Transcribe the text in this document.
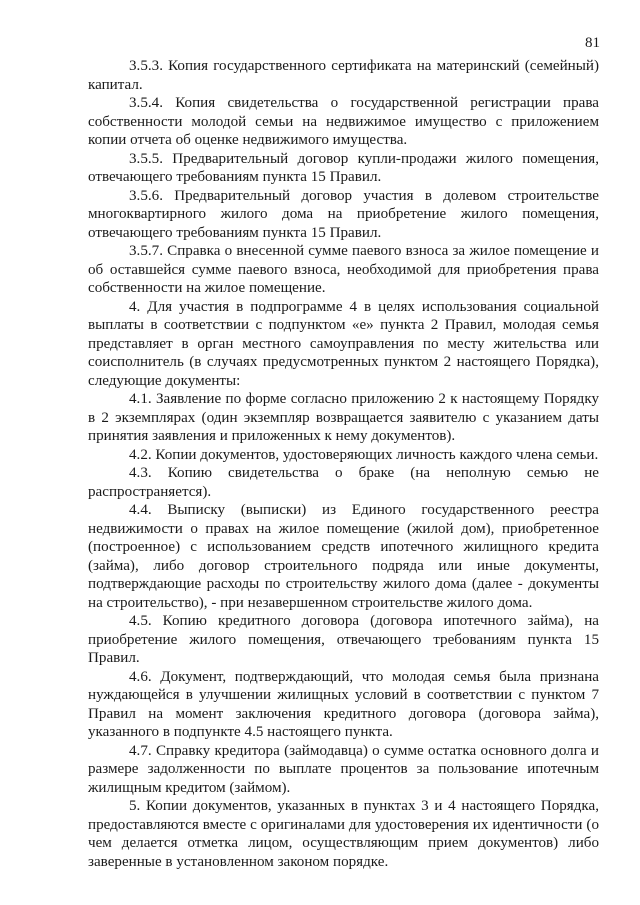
81

3.5.3. Копия государственного сертификата на материнский (семейный) капитал.

3.5.4. Копия свидетельства о государственной регистрации права собственности молодой семьи на недвижимое имущество с приложением копии отчета об оценке недвижимого имущества.

3.5.5. Предварительный договор купли-продажи жилого помещения, отвечающего требованиям пункта 15 Правил.

3.5.6. Предварительный договор участия в долевом строительстве многоквартирного жилого дома на приобретение жилого помещения, отвечающего требованиям пункта 15 Правил.

3.5.7. Справка о внесенной сумме паевого взноса за жилое помещение и об оставшейся сумме паевого взноса, необходимой для приобретения права собственности на жилое помещение.

4. Для участия в подпрограмме 4 в целях использования социальной выплаты в соответствии с подпунктом «е» пункта 2 Правил, молодая семья представляет в орган местного самоуправления по месту жительства или соисполнитель (в случаях предусмотренных пунктом 2 настоящего Порядка), следующие документы:

4.1. Заявление по форме согласно приложению 2 к настоящему Порядку в 2 экземплярах (один экземпляр возвращается заявителю с указанием даты принятия заявления и приложенных к нему документов).

4.2. Копии документов, удостоверяющих личность каждого члена семьи.

4.3. Копию свидетельства о браке (на неполную семью не распространяется).

4.4. Выписку (выписки) из Единого государственного реестра недвижимости о правах на жилое помещение (жилой дом), приобретенное (построенное) с использованием средств ипотечного жилищного кредита (займа), либо договор строительного подряда или иные документы, подтверждающие расходы по строительству жилого дома (далее - документы на строительство), - при незавершенном строительстве жилого дома.

4.5. Копию кредитного договора (договора ипотечного займа), на приобретение жилого помещения, отвечающего требованиям пункта 15 Правил.

4.6. Документ, подтверждающий, что молодая семья была признана нуждающейся в улучшении жилищных условий в соответствии с пунктом 7 Правил на момент заключения кредитного договора (договора займа), указанного в подпункте 4.5 настоящего пункта.

4.7. Справку кредитора (займодавца) о сумме остатка основного долга и размере задолженности по выплате процентов за пользование ипотечным жилищным кредитом (займом).

5. Копии документов, указанных в пунктах 3 и 4 настоящего Порядка, предоставляются вместе с оригиналами для удостоверения их идентичности (о чем делается отметка лицом, осуществляющим прием документов) либо заверенные в установленном законом порядке.
